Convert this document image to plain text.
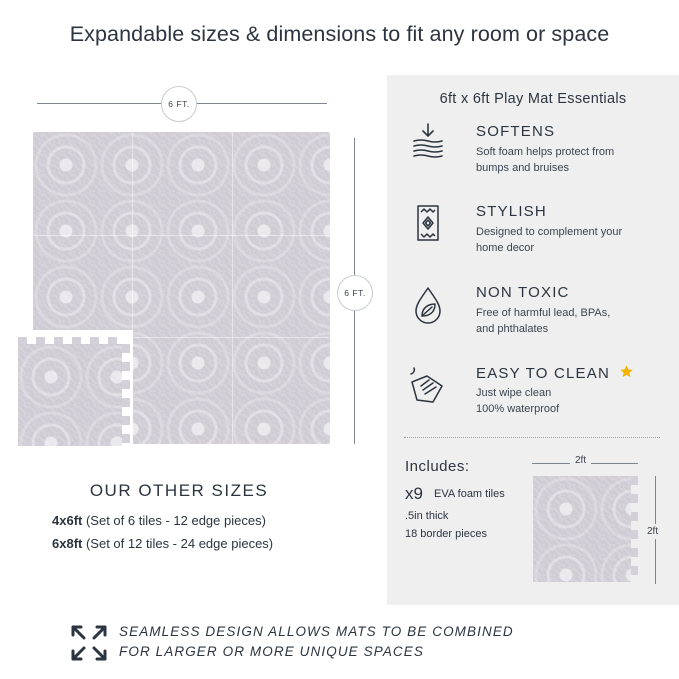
Expandable sizes & dimensions to fit any room or space
6 FT.
6 FT.
OUR OTHER SIZES
4x6ft (Set of 6 tiles - 12 edge pieces)
6x8ft (Set of 12 tiles - 24 edge pieces)
6ft x 6ft Play Mat Essentials
SOFTENS
Soft foam helps protect from
bumps and bruises
STYLISH
Designed to complement your
home decor
NON TOXIC
Free of harmful lead, BPAs,
and phthalates
EASY TO CLEAN
Just wipe clean
100% waterproof
Includes:
x9 EVA foam tiles
.5in thick
18 border pieces
2ft
2ft
SEAMLESS DESIGN ALLOWS MATS TO BE COMBINED
FOR LARGER OR MORE UNIQUE SPACES
